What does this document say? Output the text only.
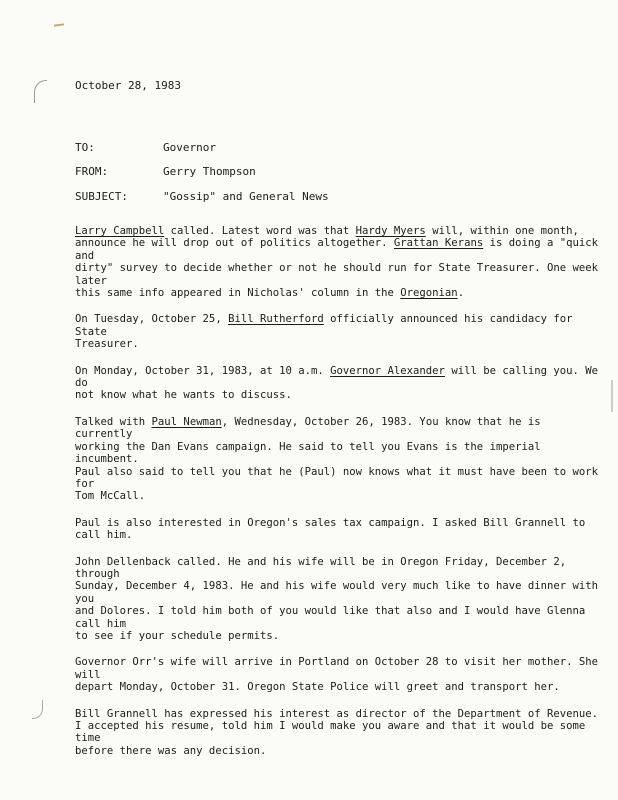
October 28, 1983
TO:	Governor
FROM:	Gerry Thompson
SUBJECT:	"Gossip" and General News

Larry Campbell called. Latest word was that Hardy Myers will, within one month,
announce he will drop out of politics altogether. Grattan Kerans is doing a "quick and
dirty" survey to decide whether or not he should run for State Treasurer. One week later
this same info appeared in Nicholas' column in the Oregonian.

On Tuesday, October 25, Bill Rutherford officially announced his candidacy for State
Treasurer.

On Monday, October 31, 1983, at 10 a.m. Governor Alexander will be calling you. We do
not know what he wants to discuss.

Talked with Paul Newman, Wednesday, October 26, 1983. You know that he is currently
working the Dan Evans campaign. He said to tell you Evans is the imperial incumbent.
Paul also said to tell you that he (Paul) now knows what it must have been to work for
Tom McCall.

Paul is also interested in Oregon's sales tax campaign. I asked Bill Grannell to call him.

John Dellenback called. He and his wife will be in Oregon Friday, December 2, through
Sunday, December 4, 1983. He and his wife would very much like to have dinner with you
and Dolores. I told him both of you would like that also and I would have Glenna call him
to see if your schedule permits.

Governor Orr's wife will arrive in Portland on October 28 to visit her mother. She will
depart Monday, October 31. Oregon State Police will greet and transport her.

Bill Grannell has expressed his interest as director of the Department of Revenue.
I accepted his resume, told him I would make you aware and that it would be some time
before there was any decision.
